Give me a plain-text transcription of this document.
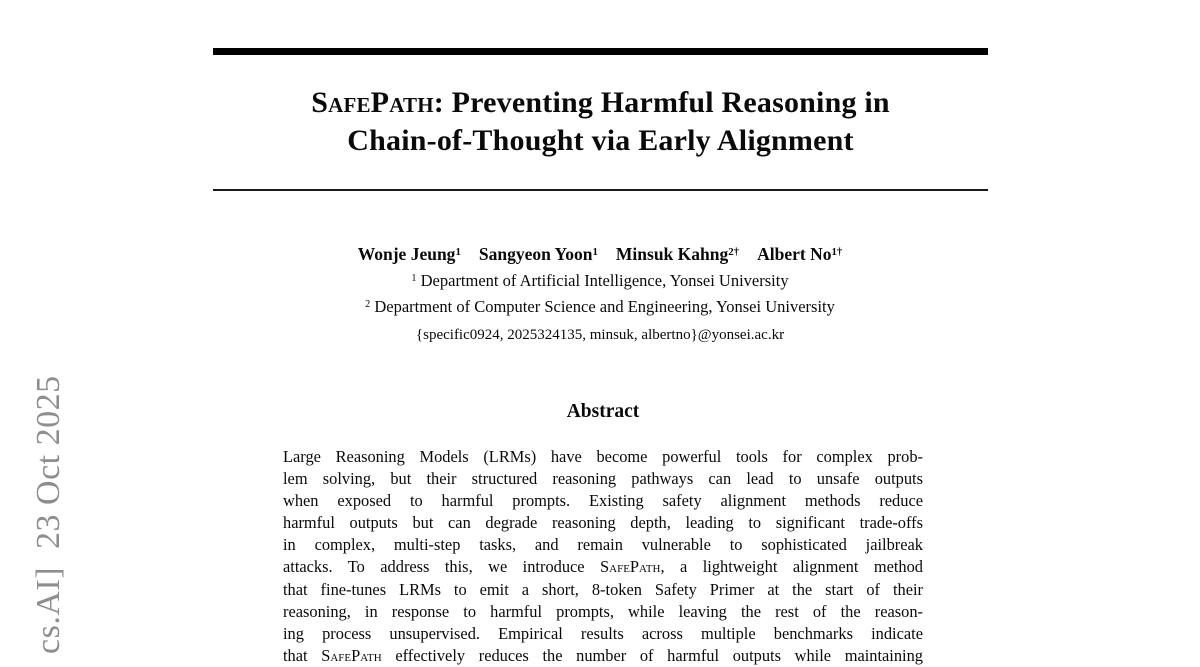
cs.AI]  23 Oct 2025
SafePath: Preventing Harmful Reasoning in
Chain-of-Thought via Early Alignment
Wonje Jeung$^1$ Sangyeon Yoon$^1$ Minsuk Kahng$^{2\dagger}$ Albert $No^{1\dagger}$
$^1$ Department of Artificial Intelligence, Yonsei University
$^2$ Department of Computer Science and Engineering, Yonsei University
{specific0924, 2025324135, minsuk, albertno}@yonsei.ac.kr
Abstract
Large Reasoning Models (LRMs) have become powerful tools for complex prob-
lem solving, but their structured reasoning pathways can lead to unsafe outputs
when exposed to harmful prompts. Existing safety alignment methods reduce
harmful outputs but can degrade reasoning depth, leading to significant trade-offs
in complex, multi-step tasks, and remain vulnerable to sophisticated jailbreak
attacks. To address this, we introduce SafePath, a lightweight alignment method
that fine-tunes LRMs to emit a short, 8-token Safety Primer at the start of their
reasoning, in response to harmful prompts, while leaving the rest of the reason-
ing process unsupervised. Empirical results across multiple benchmarks indicate
that SafePath effectively reduces the number of harmful outputs while maintaining
